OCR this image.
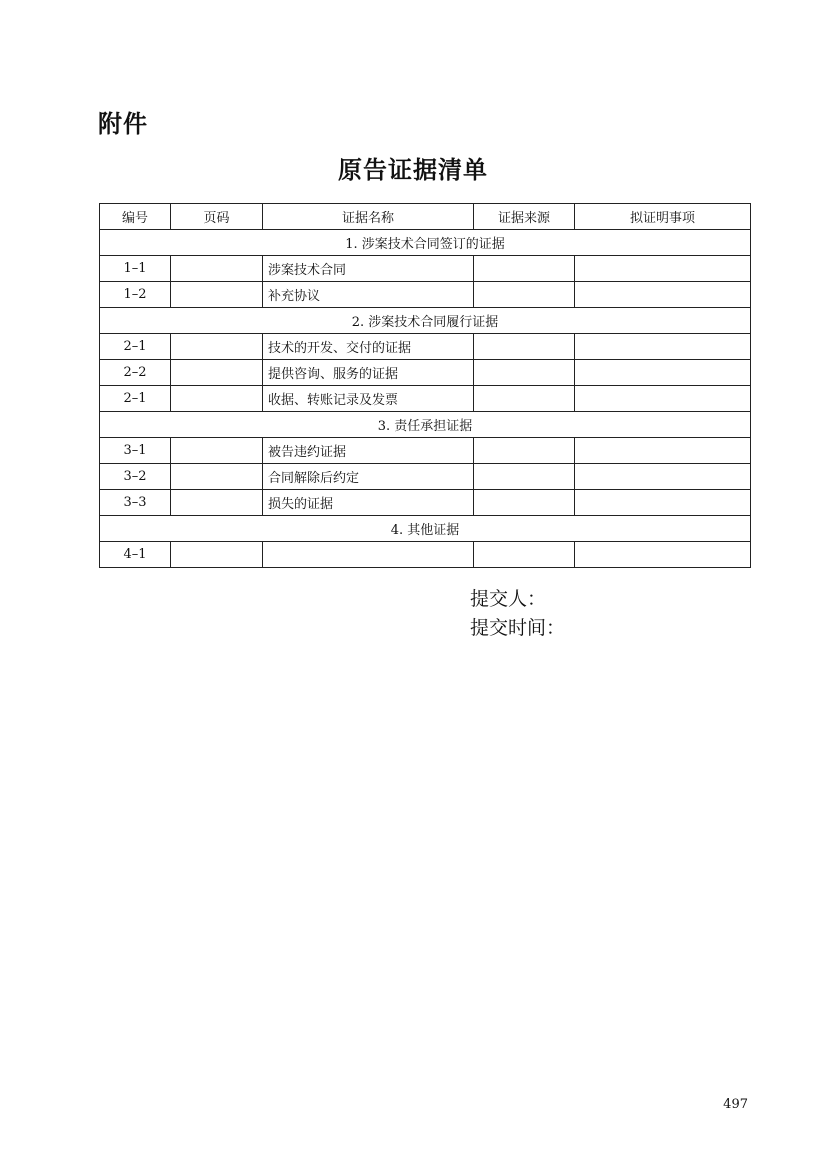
附件
原告证据清单
编号	页码	证据名称	证据来源	拟证明事项
1. 涉案技术合同签订的证据				
1–1		涉案技术合同		
1–2		补充协议		
2. 涉案技术合同履行证据				
2–1		技术的开发、交付的证据		
2–2		提供咨询、服务的证据		
2–1		收据、转账记录及发票		
3. 责任承担证据				
3–1		被告违约证据		
3–2		合同解除后约定		
3–3		损失的证据		
4. 其他证据				
4–1				
提交人：
提交时间：
497
